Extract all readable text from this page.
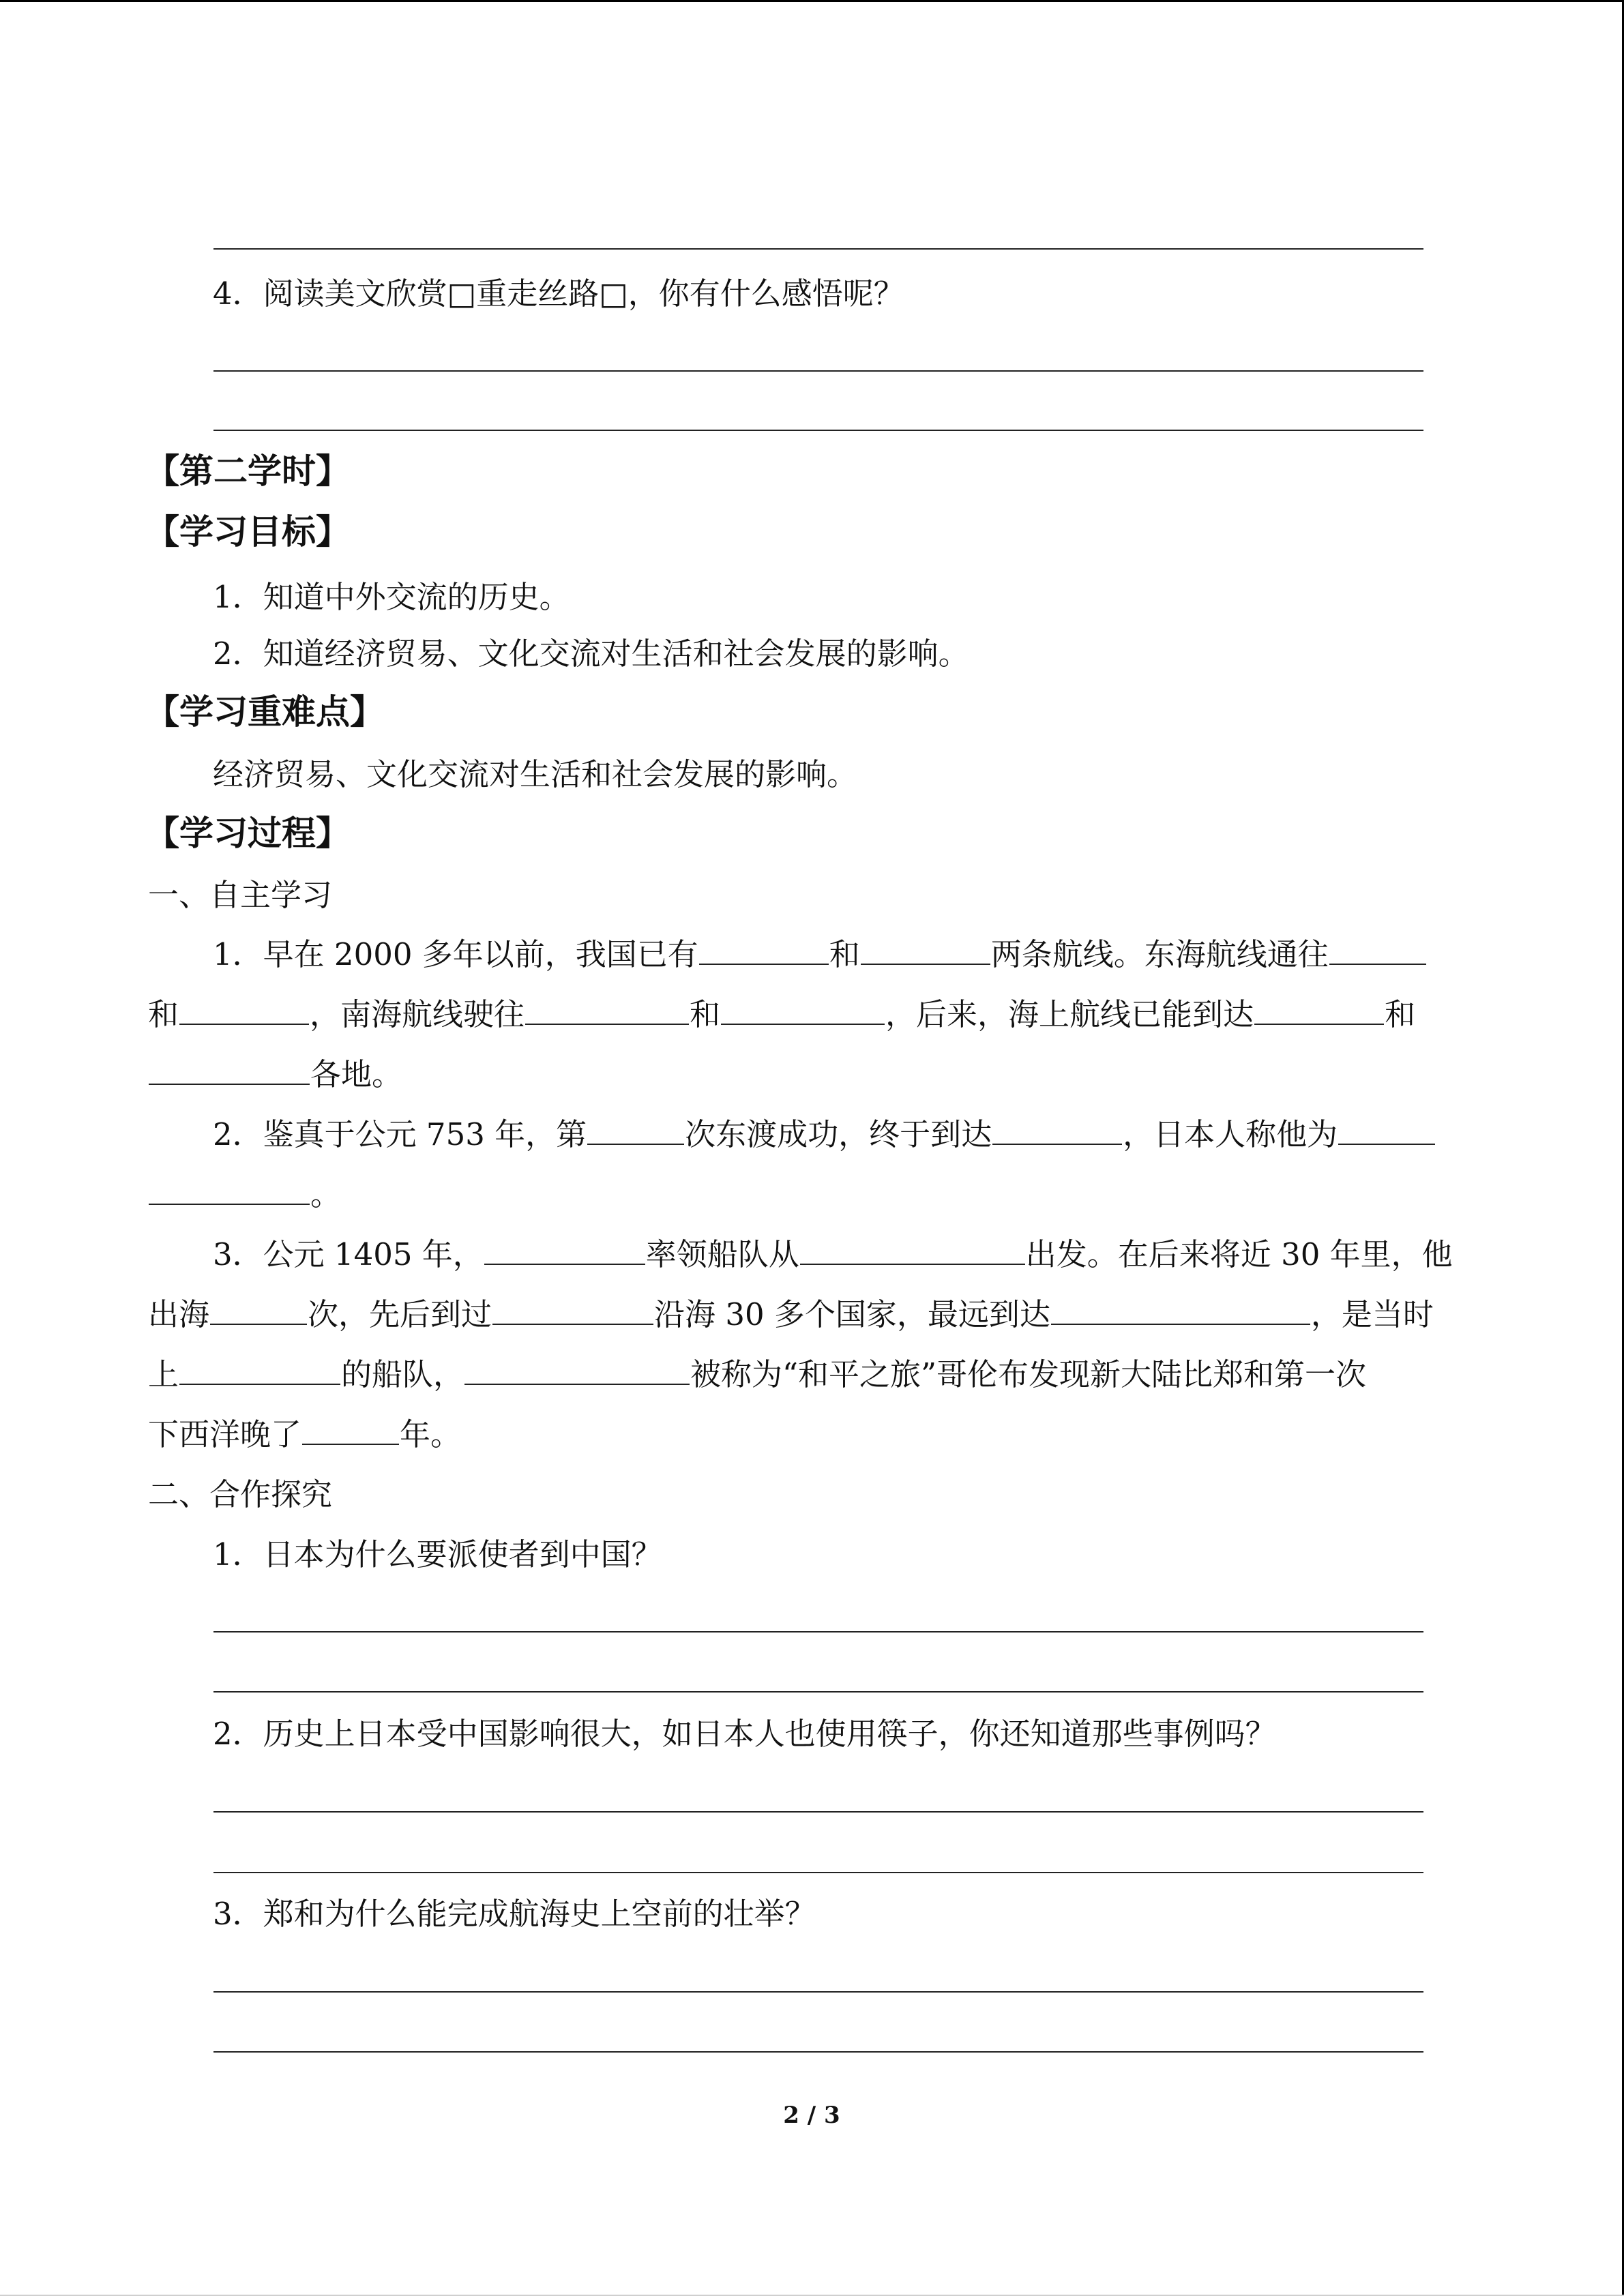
4．阅读美文欣赏□重走丝路□，你有什么感悟呢？
【第二学时】
【学习目标】
1．知道中外交流的历史。
2．知道经济贸易、文化交流对生活和社会发展的影响。
【学习重难点】
经济贸易、文化交流对生活和社会发展的影响。
【学习过程】
一、自主学习
1．早在 2000 多年以前，我国已有	和	两条航线。东海航线通往
和	，南海航线驶往	和	，后来，海上航线已能到达	和
各地。
2．鉴真于公元 753 年，第	次东渡成功，终于到达	，日本人称他为
。
3．公元 1405 年，	率领船队从	出发。在后来将近 30 年里，他
出海	次，先后到过	沿海 30 多个国家，最远到达	，是当时
上	的船队，	被称为“和平之旅”哥伦布发现新大陆比郑和第一次
下西洋晚了	年。
二、合作探究
1．日本为什么要派使者到中国？
2．历史上日本受中国影响很大，如日本人也使用筷子，你还知道那些事例吗？
3．郑和为什么能完成航海史上空前的壮举？
2 / 3
